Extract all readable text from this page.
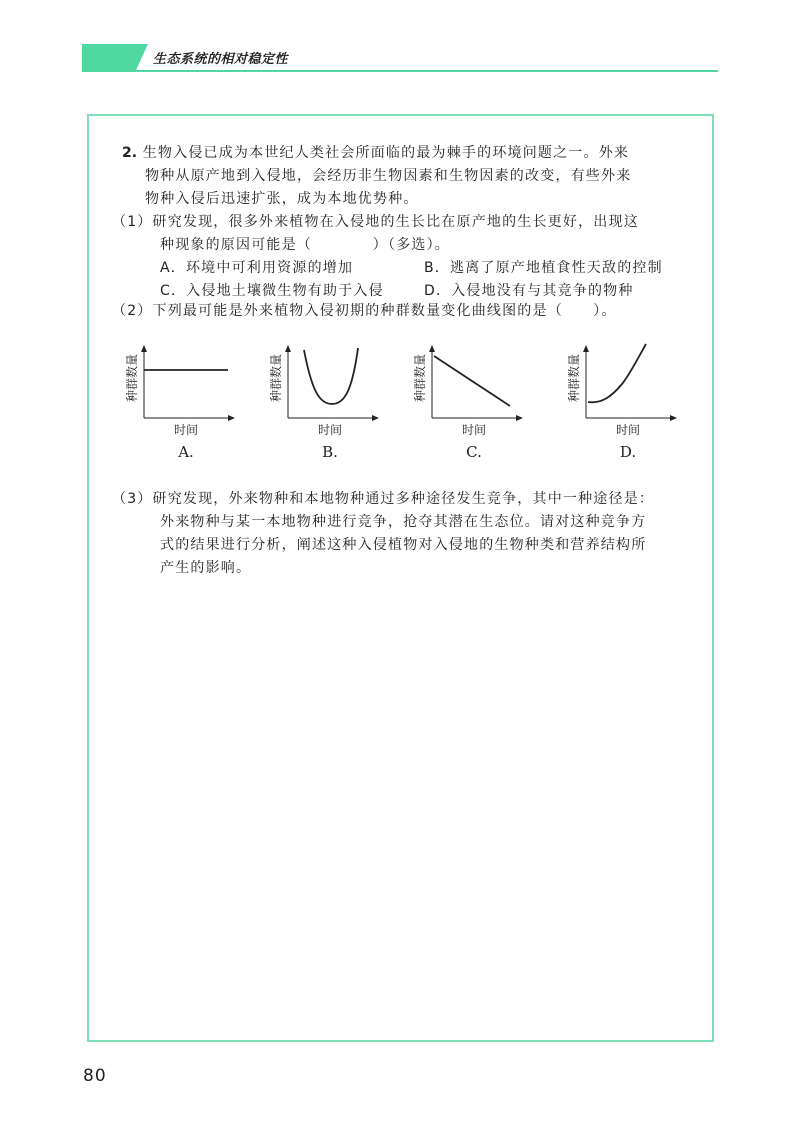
生态系统的相对稳定性
2. 生物入侵已成为本世纪人类社会所面临的最为棘手的环境问题之一。外来
物种从原产地到入侵地，会经历非生物因素和生物因素的改变，有些外来
物种入侵后迅速扩张，成为本地优势种。
（1）研究发现，很多外来植物在入侵地的生长比在原产地的生长更好，出现这
种现象的原因可能是（　　　　）（多选）。
A．环境中可利用资源的增加	B．逃离了原产地植食性天敌的控制
C．入侵地土壤微生物有助于入侵	D．入侵地没有与其竞争的物种
（2）下列最可能是外来植物入侵初期的种群数量变化曲线图的是（　　）。
种群数量
时间
种群数量
时间
种群数量
时间
种群数量
时间
A.	B.	C.	D.
（3）研究发现，外来物种和本地物种通过多种途径发生竞争，其中一种途径是：
外来物种与某一本地物种进行竞争，抢夺其潜在生态位。请对这种竞争方
式的结果进行分析，阐述这种入侵植物对入侵地的生物种类和营养结构所
产生的影响。
80
